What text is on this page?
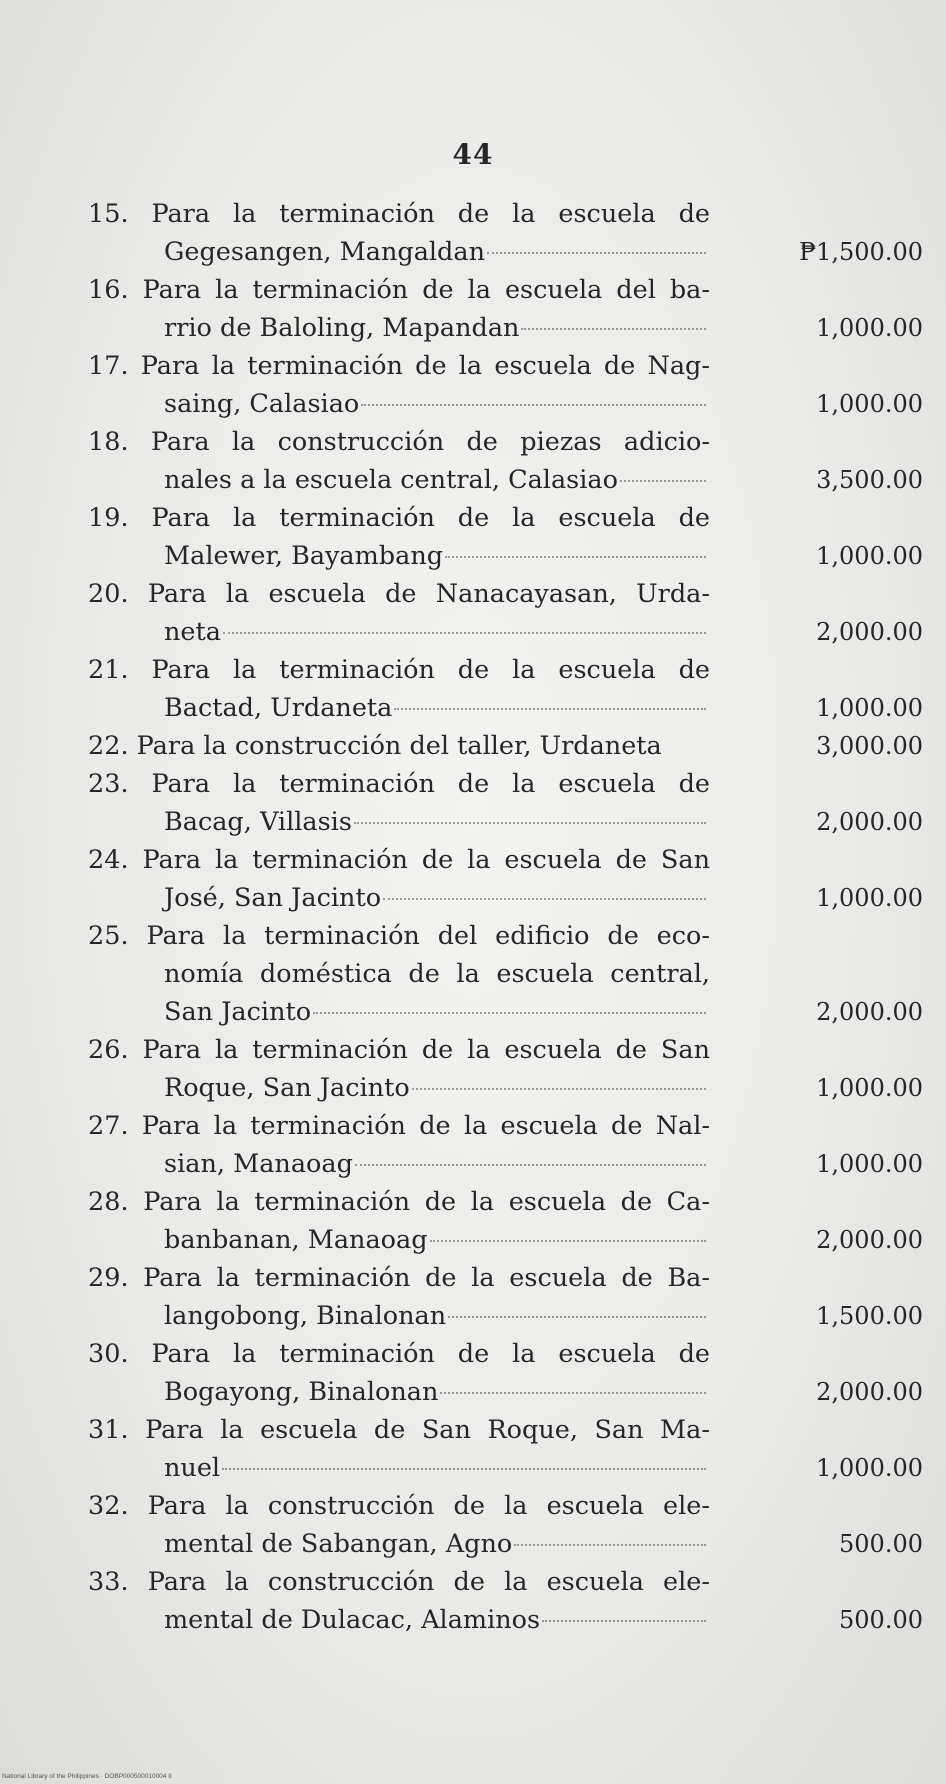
44
15. Para la terminación de la escuela de
Gegesangen, Mangaldan	₱1,500.00
16. Para la terminación de la escuela del ba-
rrio de Baloling, Mapandan	1,000.00
17. Para la terminación de la escuela de Nag-
saing, Calasiao	1,000.00
18. Para la construcción de piezas adicio-
nales a la escuela central, Calasiao	3,500.00
19. Para la terminación de la escuela de
Malewer, Bayambang	1,000.00
20. Para la escuela de Nanacayasan, Urda-
neta	2,000.00
21. Para la terminación de la escuela de
Bactad, Urdaneta	1,000.00
22. Para la construcción del taller, Urdaneta	3,000.00
23. Para la terminación de la escuela de
Bacag, Villasis	2,000.00
24. Para la terminación de la escuela de San
José, San Jacinto	1,000.00
25. Para la terminación del edificio de eco-
nomía doméstica de la escuela central,
San Jacinto	2,000.00
26. Para la terminación de la escuela de San
Roque, San Jacinto	1,000.00
27. Para la terminación de la escuela de Nal-
sian, Manaoag	1,000.00
28. Para la terminación de la escuela de Ca-
banbanan, Manaoag	2,000.00
29. Para la terminación de la escuela de Ba-
langobong, Binalonan	1,500.00
30. Para la terminación de la escuela de
Bogayong, Binalonan	2,000.00
31. Para la escuela de San Roque, San Ma-
nuel	1,000.00
32. Para la construcción de la escuela ele-
mental de Sabangan, Agno	500.00
33. Para la construcción de la escuela ele-
mental de Dulacac, Alaminos	500.00
National Library of the Philippines · DOBP000500010004 II
